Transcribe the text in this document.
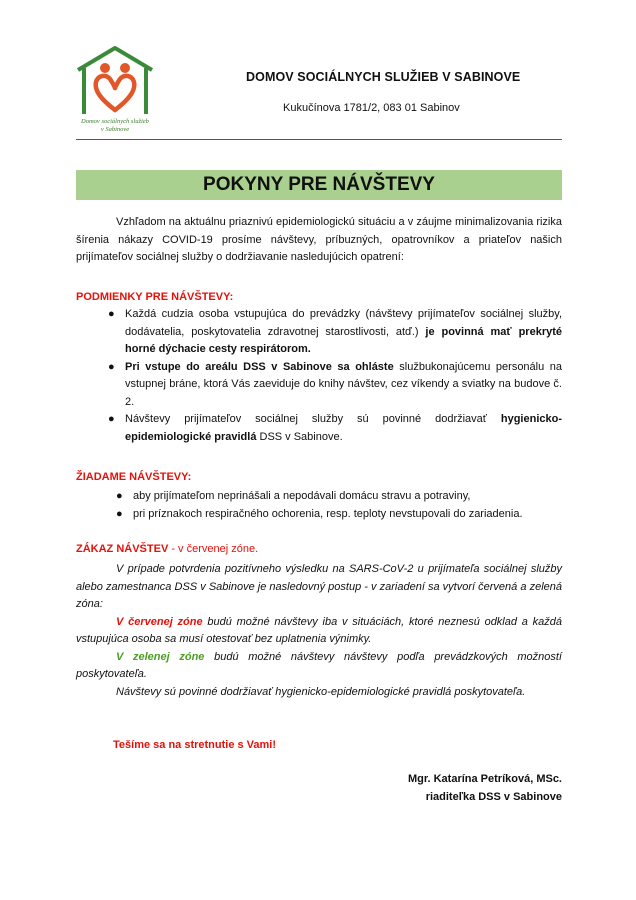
Domov sociálnych služieb
v Sabinove
DOMOV SOCIÁLNYCH SLUŽIEB V SABINOVE
Kukučínova 1781/2, 083 01 Sabinov
POKYNY PRE NÁVŠTEVY
Vzhľadom na aktuálnu priaznivú epidemiologickú situáciu a v záujme minimalizovania rizika šírenia nákazy COVID-19 prosíme návštevy, príbuzných, opatrovníkov a priateľov našich prijímateľov sociálnej služby o dodržiavanie nasledujúcich opatrení:
PODMIENKY PRE NÁVŠTEVY:
● Každá cudzia osoba vstupujúca do prevádzky (návštevy prijímateľov sociálnej služby, dodávatelia, poskytovatelia zdravotnej starostlivosti, atď.) je povinná mať prekryté horné dýchacie cesty respirátorom.
● Pri vstupe do areálu DSS v Sabinove sa ohláste službukonajúcemu personálu na vstupnej bráne, ktorá Vás zaeviduje do knihy návštev, cez víkendy a sviatky na budove č. 2.
● Návštevy prijímateľov sociálnej služby sú povinné dodržiavať hygienicko-epidemiologické pravidlá DSS v Sabinove.
ŽIADAME NÁVŠTEVY:
● aby prijímateľom neprinášali a nepodávali domácu stravu a potraviny,
● pri príznakoch respiračného ochorenia, resp. teploty nevstupovali do zariadenia.
ZÁKAZ NÁVŠTEV - v červenej zóne.
V prípade potvrdenia pozitívneho výsledku na SARS-CoV-2 u prijímateľa sociálnej služby alebo zamestnanca DSS v Sabinove je nasledovný postup - v zariadení sa vytvorí červená a zelená zóna:
V červenej zóne budú možné návštevy iba v situáciách, ktoré neznesú odklad a každá vstupujúca osoba sa musí otestovať bez uplatnenia výnimky.
V zelenej zóne budú možné návštevy návštevy podľa prevádzkových možností poskytovateľa.
Návštevy sú povinné dodržiavať hygienicko-epidemiologické pravidlá poskytovateľa.
Tešíme sa na stretnutie s Vami!
Mgr. Katarína Petríková, MSc.
riaditeľka DSS v Sabinove
